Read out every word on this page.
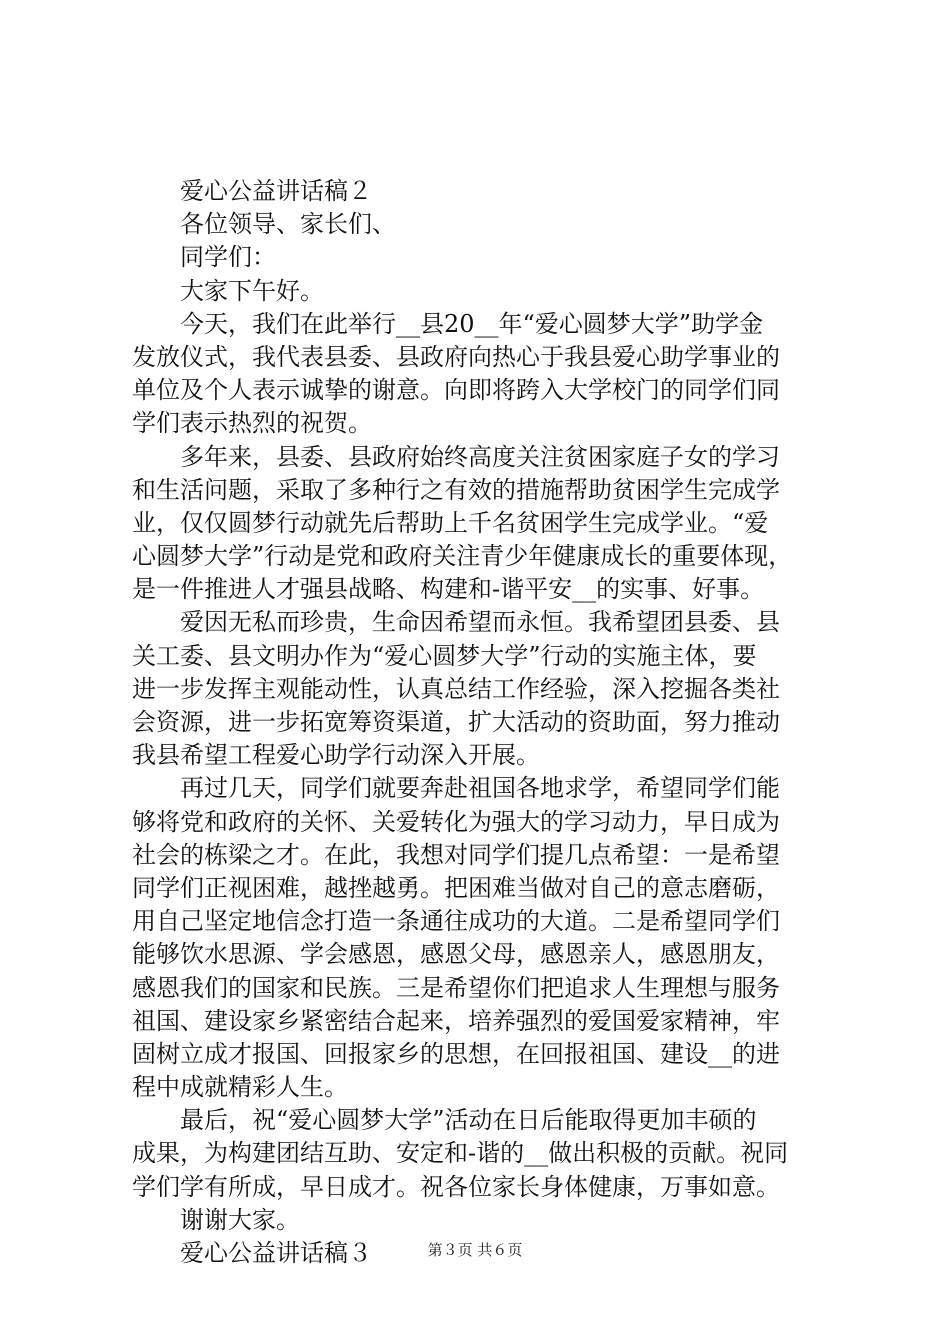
爱心公益讲话稿２
各位领导、家长们、
同学们：
大家下午好。
今天，我们在此举行__县20__年“爱心圆梦大学”助学金
发放仪式，我代表县委、县政府向热心于我县爱心助学事业的
单位及个人表示诚挚的谢意。向即将跨入大学校门的同学们同
学们表示热烈的祝贺。
多年来，县委、县政府始终高度关注贫困家庭子女的学习
和生活问题，采取了多种行之有效的措施帮助贫困学生完成学
业，仅仅圆梦行动就先后帮助上千名贫困学生完成学业。“爱
心圆梦大学”行动是党和政府关注青少年健康成长的重要体现，
是一件推进人才强县战略、构建和-谐平安__的实事、好事。
爱因无私而珍贵，生命因希望而永恒。我希望团县委、县
关工委、县文明办作为“爱心圆梦大学”行动的实施主体，要
进一步发挥主观能动性，认真总结工作经验，深入挖掘各类社
会资源，进一步拓宽筹资渠道，扩大活动的资助面，努力推动
我县希望工程爱心助学行动深入开展。
再过几天，同学们就要奔赴祖国各地求学，希望同学们能
够将党和政府的关怀、关爱转化为强大的学习动力，早日成为
社会的栋梁之才。在此，我想对同学们提几点希望：一是希望
同学们正视困难，越挫越勇。把困难当做对自己的意志磨砺，
用自己坚定地信念打造一条通往成功的大道。二是希望同学们
能够饮水思源、学会感恩，感恩父母，感恩亲人，感恩朋友，
感恩我们的国家和民族。三是希望你们把追求人生理想与服务
祖国、建设家乡紧密结合起来，培养强烈的爱国爱家精神，牢
固树立成才报国、回报家乡的思想，在回报祖国、建设__的进
程中成就精彩人生。
最后，祝“爱心圆梦大学”活动在日后能取得更加丰硕的
成果，为构建团结互助、安定和-谐的__做出积极的贡献。祝同
学们学有所成，早日成才。祝各位家长身体健康，万事如意。
谢谢大家。
爱心公益讲话稿３	第３页 共６页
